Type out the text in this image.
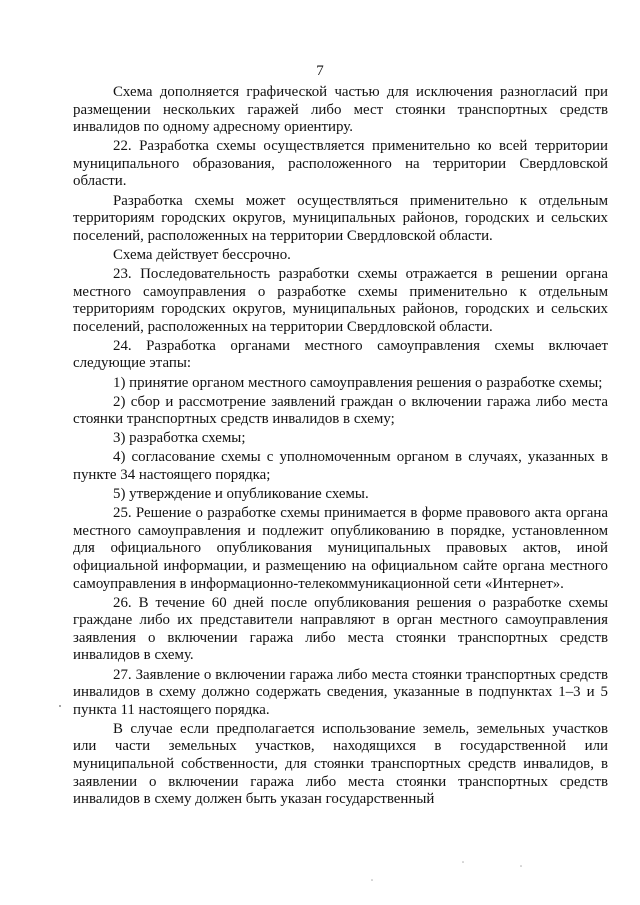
7

Схема дополняется графической частью для исключения разногласий при размещении нескольких гаражей либо мест стоянки транспортных средств инвалидов по одному адресному ориентиру.

22. Разработка схемы осуществляется применительно ко всей территории муниципального образования, расположенного на территории Свердловской области.

Разработка схемы может осуществляться применительно к отдельным территориям городских округов, муниципальных районов, городских и сельских поселений, расположенных на территории Свердловской области.

Схема действует бессрочно.

23. Последовательность разработки схемы отражается в решении органа местного самоуправления о разработке схемы применительно к отдельным территориям городских округов, муниципальных районов, городских и сельских поселений, расположенных на территории Свердловской области.

24. Разработка органами местного самоуправления схемы включает следующие этапы:

1) принятие органом местного самоуправления решения о разработке схемы;

2) сбор и рассмотрение заявлений граждан о включении гаража либо места стоянки транспортных средств инвалидов в схему;

3) разработка схемы;

4) согласование схемы с уполномоченным органом в случаях, указанных в пункте 34 настоящего порядка;

5) утверждение и опубликование схемы.

25. Решение о разработке схемы принимается в форме правового акта органа местного самоуправления и подлежит опубликованию в порядке, установленном для официального опубликования муниципальных правовых актов, иной официальной информации, и размещению на официальном сайте органа местного самоуправления в информационно-телекоммуникационной сети «Интернет».

26. В течение 60 дней после опубликования решения о разработке схемы граждане либо их представители направляют в орган местного самоуправления заявления о включении гаража либо места стоянки транспортных средств инвалидов в схему.

27. Заявление о включении гаража либо места стоянки транспортных средств инвалидов в схему должно содержать сведения, указанные в подпунктах 1–3 и 5 пункта 11 настоящего порядка.

В случае если предполагается использование земель, земельных участков или части земельных участков, находящихся в государственной или муниципальной собственности, для стоянки транспортных средств инвалидов, в заявлении о включении гаража либо места стоянки транспортных средств инвалидов в схему должен быть указан государственный
